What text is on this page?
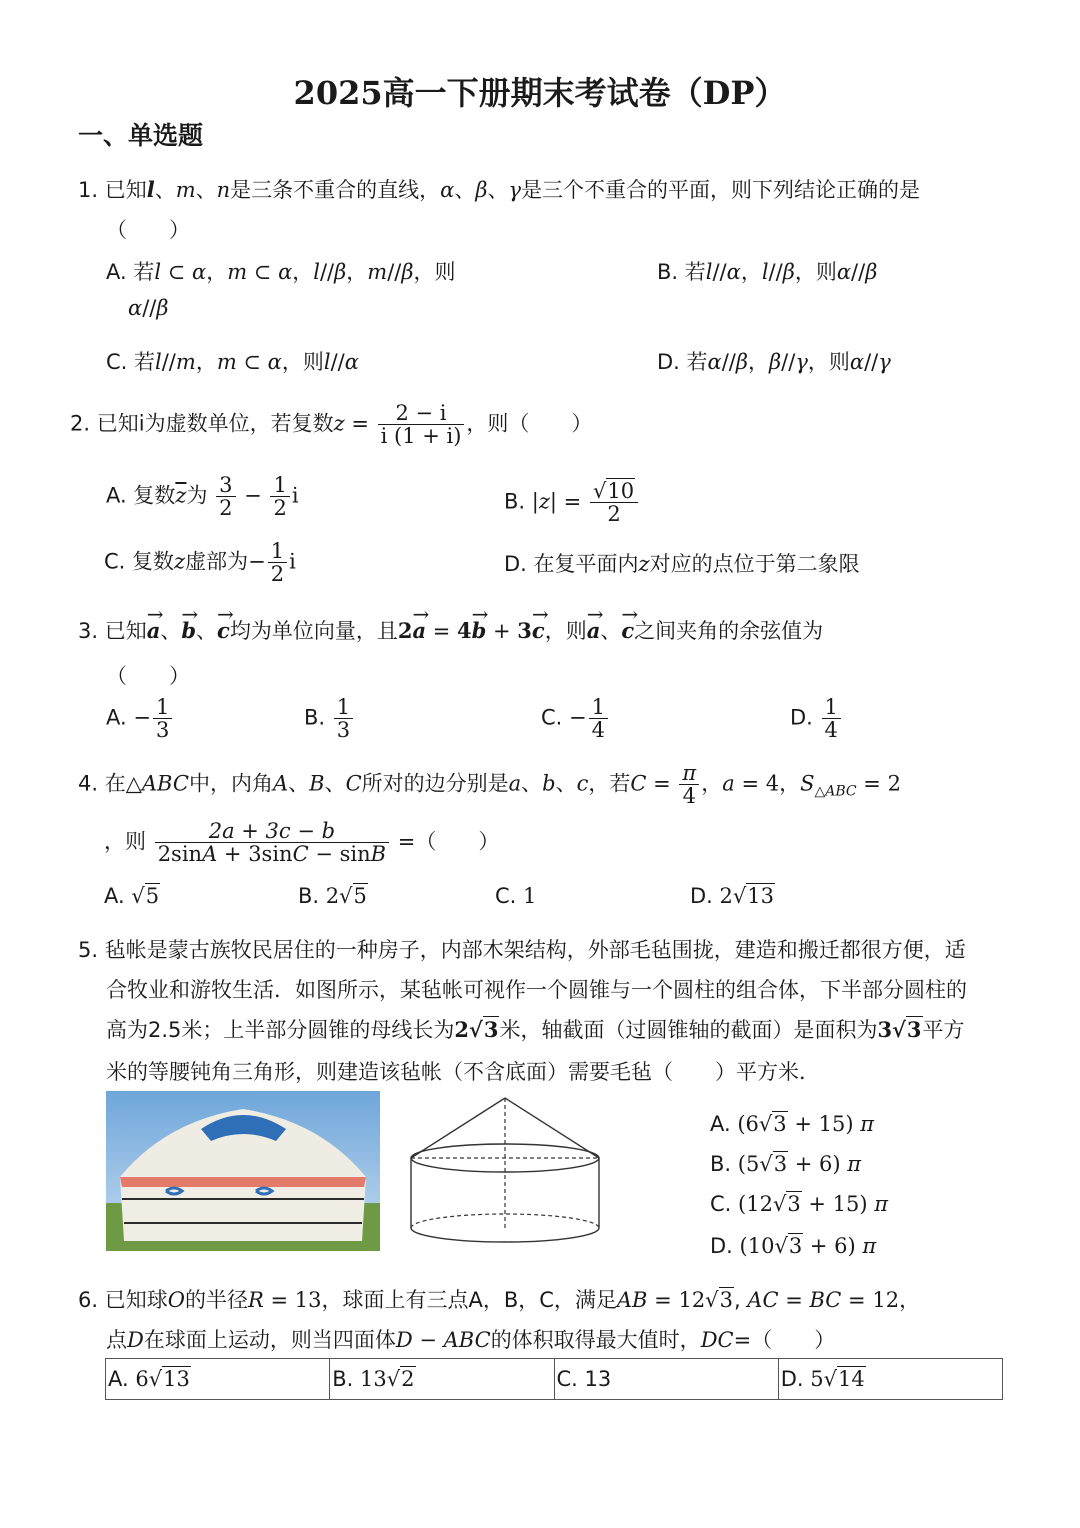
2025高一下册期末考试卷（DP）
一、单选题
1. 已知l、m、n是三条不重合的直线，α、β、γ是三个不重合的平面，则下列结论正确的是
（　　）
A. 若l ⊂ α，m ⊂ α，l//β，m//β，则
α//β
B. 若l//α，l//β，则α//β
C. 若l//m，m ⊂ α，则l//α	D. 若α//β，β//γ，则α//γ
2. 已知i为虚数单位，若复数$z = \frac{2 - i}{i (1 + i)}$ ，则（　　）
A. 复数$\overline{z}$为 $\frac{3}{2} - \frac{1}{2}$ i	B. $|z| = \frac{√10}{2}$
C. 复数z虚部为− $\frac{1}{2}$ i	D. 在复平面内z对应的点位于第二象限
3. 已知→ a、→ b、→ c均为单位向量，且2→ a = 4→ b + 3→ c，则→ a、→ c之间夹角的余弦值为
（　　）
A. − $\frac{1}{3}$	B. $\frac{1}{3}$	C. − $\frac{1}{4}$	D. $\frac{1}{4}$
4. 在△ABC中，内角A、B、C所对的边分别是a、b、c，若$C = \frac{\pi}{4}$ ，a = 4，$S_{\triangle ABC} = 2$
，则 $\frac{2a + 3c - b}{2\sin A + 3\sin C - \sin B}$ =（　　）
A. √5	B. 2√5	C. 1	D. 2√13
5. 毡帐是蒙古族牧民居住的一种房子，内部木架结构，外部毛毡围拢，建造和搬迁都很方便，适
合牧业和游牧生活．如图所示，某毡帐可视作一个圆锥与一个圆柱的组合体，下半部分圆柱的
高为2.5米；上半部分圆锥的母线长为2√3米，轴截面（过圆锥轴的截面）是面积为3√3平方
米的等腰钝角三角形，则建造该毡帐（不含底面）需要毛毡（　　）平方米．
A. (6√3 + 15) π
B. (5√3 + 6) π
C. (12√3 + 15) π
D. (10√3 + 6) π
6. 已知球O的半径R = 13，球面上有三点A，B，C，满足AB = 12√3, AC = BC = 12，
点D在球面上运动，则当四面体D − ABC的体积取得最大值时，DC=（　　）
A. 6√13	B. 13√2	C. 13	D. 5√14
